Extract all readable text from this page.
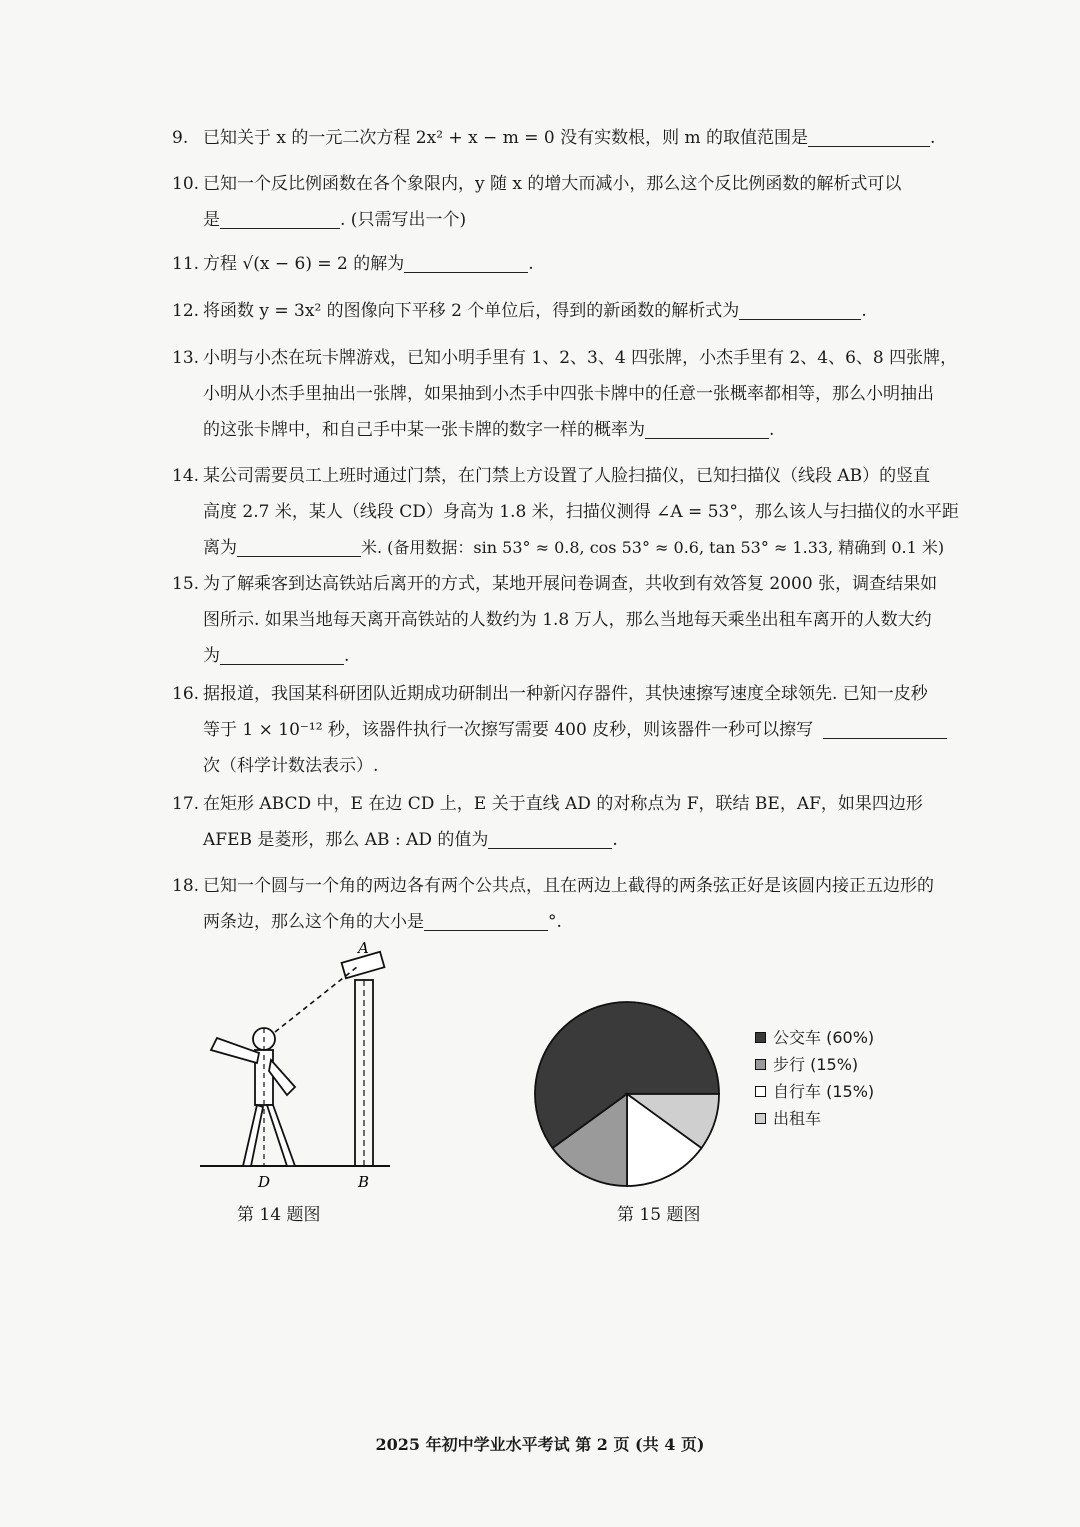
9. 已知关于 x 的一元二次方程 2x² + x − m = 0 没有实数根，则 m 的取值范围是	.
10. 已知一个反比例函数在各个象限内，y 随 x 的增大而减小，那么这个反比例函数的解析式可以
是	. (只需写出一个)
11. 方程 √(x − 6) = 2 的解为	.
12. 将函数 y = 3x² 的图像向下平移 2 个单位后，得到的新函数的解析式为	.
13. 小明与小杰在玩卡牌游戏，已知小明手里有 1、2、3、4 四张牌，小杰手里有 2、4、6、8 四张牌，
小明从小杰手里抽出一张牌，如果抽到小杰手中四张卡牌中的任意一张概率都相等，那么小明抽出
的这张卡牌中，和自己手中某一张卡牌的数字一样的概率为	.
14. 某公司需要员工上班时通过门禁，在门禁上方设置了人脸扫描仪，已知扫描仪（线段 AB）的竖直
高度 2.7 米，某人（线段 CD）身高为 1.8 米，扫描仪测得 ∠A = 53°，那么该人与扫描仪的水平距
离为	米. (备用数据：sin 53° ≈ 0.8, cos 53° ≈ 0.6, tan 53° ≈ 1.33, 精确到 0.1 米)
15. 为了解乘客到达高铁站后离开的方式，某地开展问卷调查，共收到有效答复 2000 张，调查结果如
图所示. 如果当地每天离开高铁站的人数约为 1.8 万人，那么当地每天乘坐出租车离开的人数大约
为	.
16. 据报道，我国某科研团队近期成功研制出一种新闪存器件，其快速擦写速度全球领先. 已知一皮秒
等于 1 × 10⁻¹² 秒，该器件执行一次擦写需要 400 皮秒，则该器件一秒可以擦写
次（科学计数法表示）.
17. 在矩形 ABCD 中，E 在边 CD 上，E 关于直线 AD 的对称点为 F，联结 BE，AF，如果四边形
AFEB 是菱形，那么 AB : AD 的值为	.
18. 已知一个圆与一个角的两边各有两个公共点，且在两边上截得的两条弦正好是该圆内接正五边形的
两条边，那么这个角的大小是	°.
A
D	B
第 14 题图
公交车 (60%)
步行 (15%)
自行车 (15%)
出租车
第 15 题图
2025 年初中学业水平考试 第 2 页 (共 4 页)
